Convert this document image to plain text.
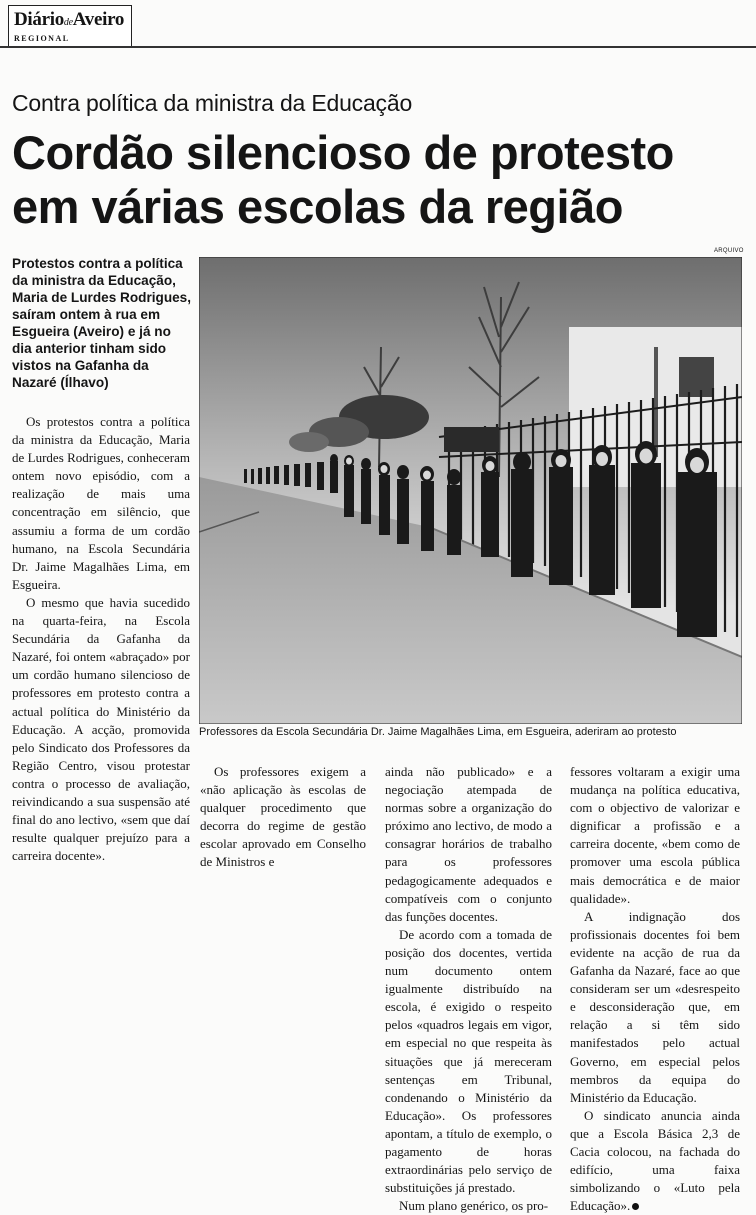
DiáriodeAveiro
REGIONAL
Contra política da ministra da Educação
Cordão silencioso de protesto
em várias escolas da região

Protestos contra a política da ministra da Educação, Maria de Lurdes Rodrigues, saíram ontem à rua em Esgueira (Aveiro) e já no dia anterior tinham sido vistos na Gafanha da Nazaré (Ílhavo)

ARQUIVO
Professores da Escola Secundária Dr. Jaime Magalhães Lima, em Esgueira, aderiram ao protesto

Os protestos contra a política da ministra da Educação, Maria de Lurdes Rodrigues, conheceram ontem novo episódio, com a realização de mais uma concentração em silêncio, que assumiu a forma de um cordão humano, na Escola Secundária Dr. Jaime Magalhães Lima, em Esgueira.

O mesmo que havia sucedido na quarta-feira, na Escola Secundária da Gafanha da Nazaré, foi ontem «abraçado» por um cordão humano silencioso de professores em protesto contra a actual política do Ministério da Educação. A acção, promovida pelo Sindicato dos Professores da Região Centro, visou protestar contra o processo de avaliação, reivindicando a sua suspensão até final do ano lectivo, «sem que daí resulte qualquer prejuízo para a carreira docente».

Os professores exigem a «não aplicação às escolas de qualquer procedimento que decorra do regime de gestão escolar aprovado em Conselho de Ministros e

ainda não publicado» e a negociação atempada de normas sobre a organização do próximo ano lectivo, de modo a consagrar horários de trabalho para os professores pedagogicamente adequados e compatíveis com o conjunto das funções docentes.

De acordo com a tomada de posição dos docentes, vertida num documento ontem igualmente distribuído na escola, é exigido o respeito pelos «quadros legais em vigor, em especial no que respeita às situações que já mereceram sentenças em Tribunal, condenando o Ministério da Educação». Os professores apontam, a título de exemplo, o pagamento de horas extraordinárias pelo serviço de substituições já prestado.

Num plano genérico, os pro-

fessores voltaram a exigir uma mudança na política educativa, com o objectivo de valorizar e dignificar a profissão e a carreira docente, «bem como de promover uma escola pública mais democrática e de maior qualidade».

A indignação dos profissionais docentes foi bem evidente na acção de rua da Gafanha da Nazaré, face ao que consideram ser um «desrespeito e desconsideração que, em relação a si têm sido manifestados pelo actual Governo, em especial pelos membros da equipa do Ministério da Educação.

O sindicato anuncia ainda que a Escola Básica 2,3 de Cacia colocou, na fachada do edifício, uma faixa simbolizando o «Luto pela Educação».
